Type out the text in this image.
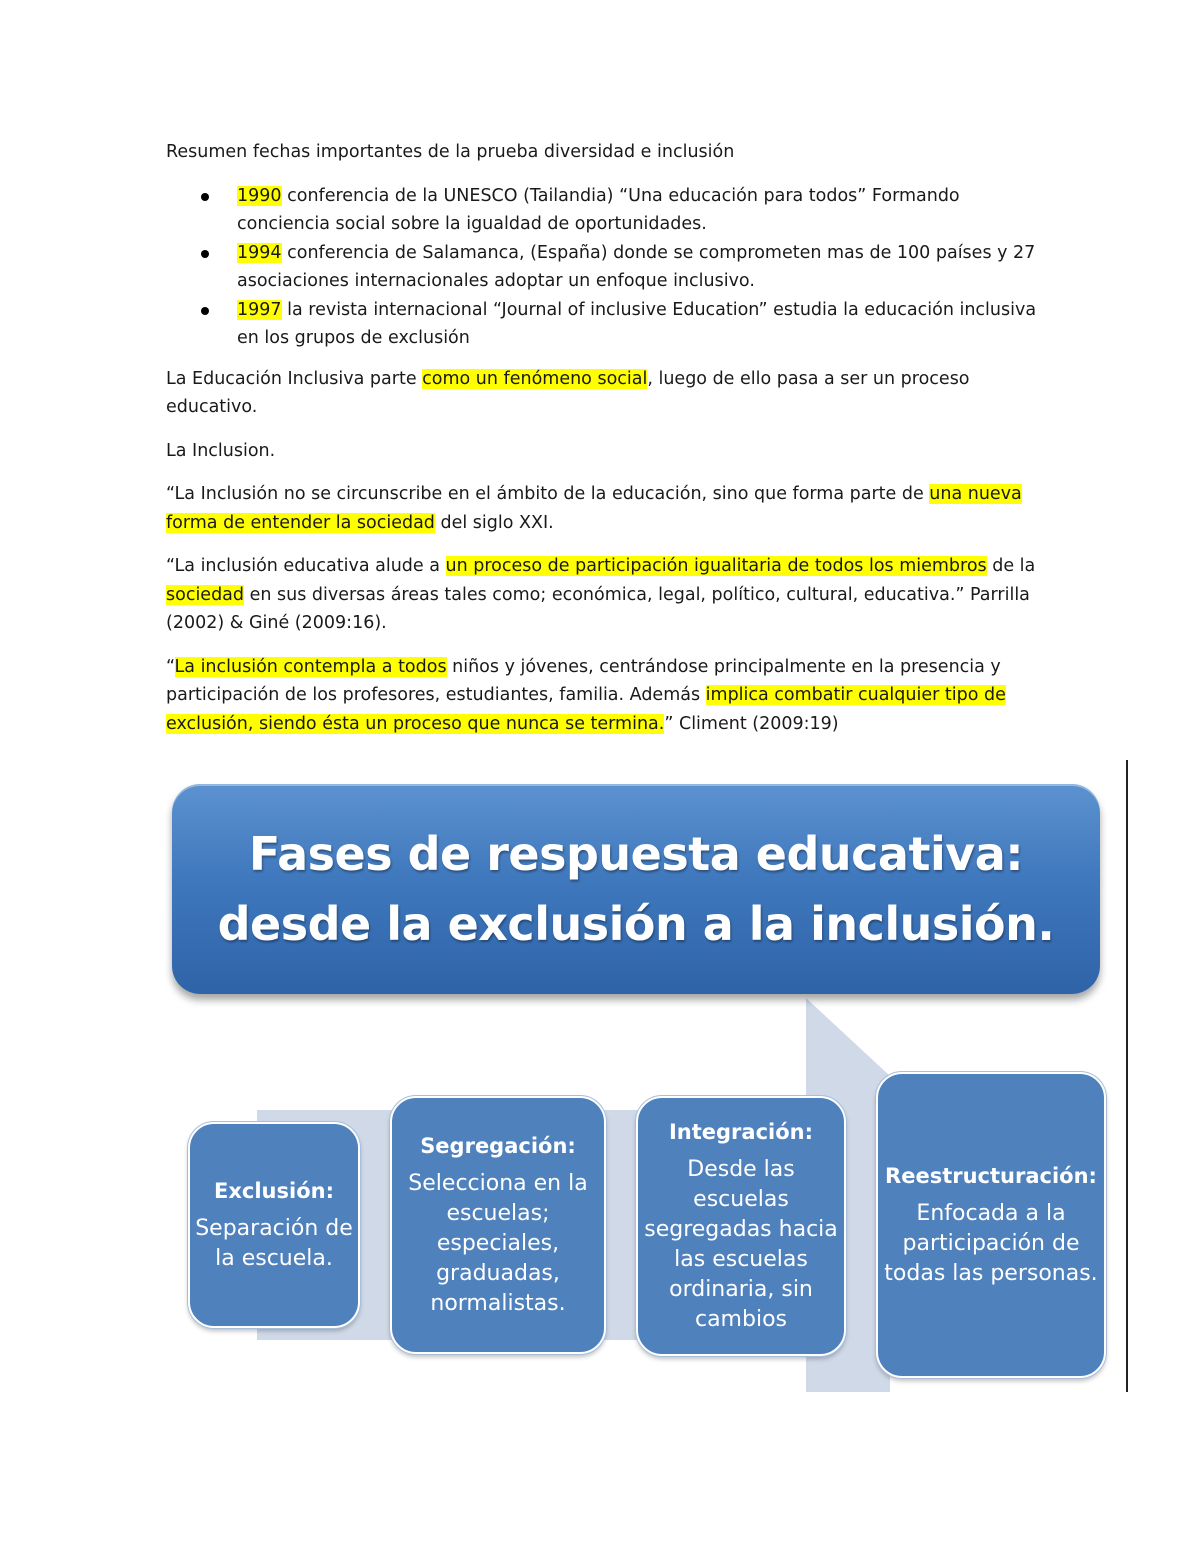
Resumen fechas importantes de la prueba diversidad e inclusión

1990 conferencia de la UNESCO (Tailandia) “Una educación para todos” Formando conciencia social sobre la igualdad de oportunidades.
1994 conferencia de Salamanca, (España) donde se comprometen mas de 100 países y 27 asociaciones internacionales adoptar un enfoque inclusivo.
1997 la revista internacional “Journal of inclusive Education” estudia la educación inclusiva en los grupos de exclusión

La Educación Inclusiva parte como un fenómeno social, luego de ello pasa a ser un proceso educativo.

La Inclusion.

“La Inclusión no se circunscribe en el ámbito de la educación, sino que forma parte de una nueva forma de entender la sociedad del siglo XXI.

“La inclusión educativa alude a un proceso de participación igualitaria de todos los miembros de la sociedad en sus diversas áreas tales como; económica, legal, político, cultural, educativa.” Parrilla (2002) & Giné (2009:16).

“La inclusión contempla a todos niños y jóvenes, centrándose principalmente en la presencia y participación de los profesores, estudiantes, familia. Además implica combatir cualquier tipo de exclusión, siendo ésta un proceso que nunca se termina.” Climent (2009:19)

Fases de respuesta educativa:
desde la exclusión a la inclusión.
Exclusión:
Separación de la escuela.
Segregación:
Selecciona en la escuelas; especiales, graduadas, normalistas.
Integración:
Desde las escuelas segregadas hacia las escuelas ordinaria, sin cambios
Reestructuración:
Enfocada a la participación de todas las personas.
